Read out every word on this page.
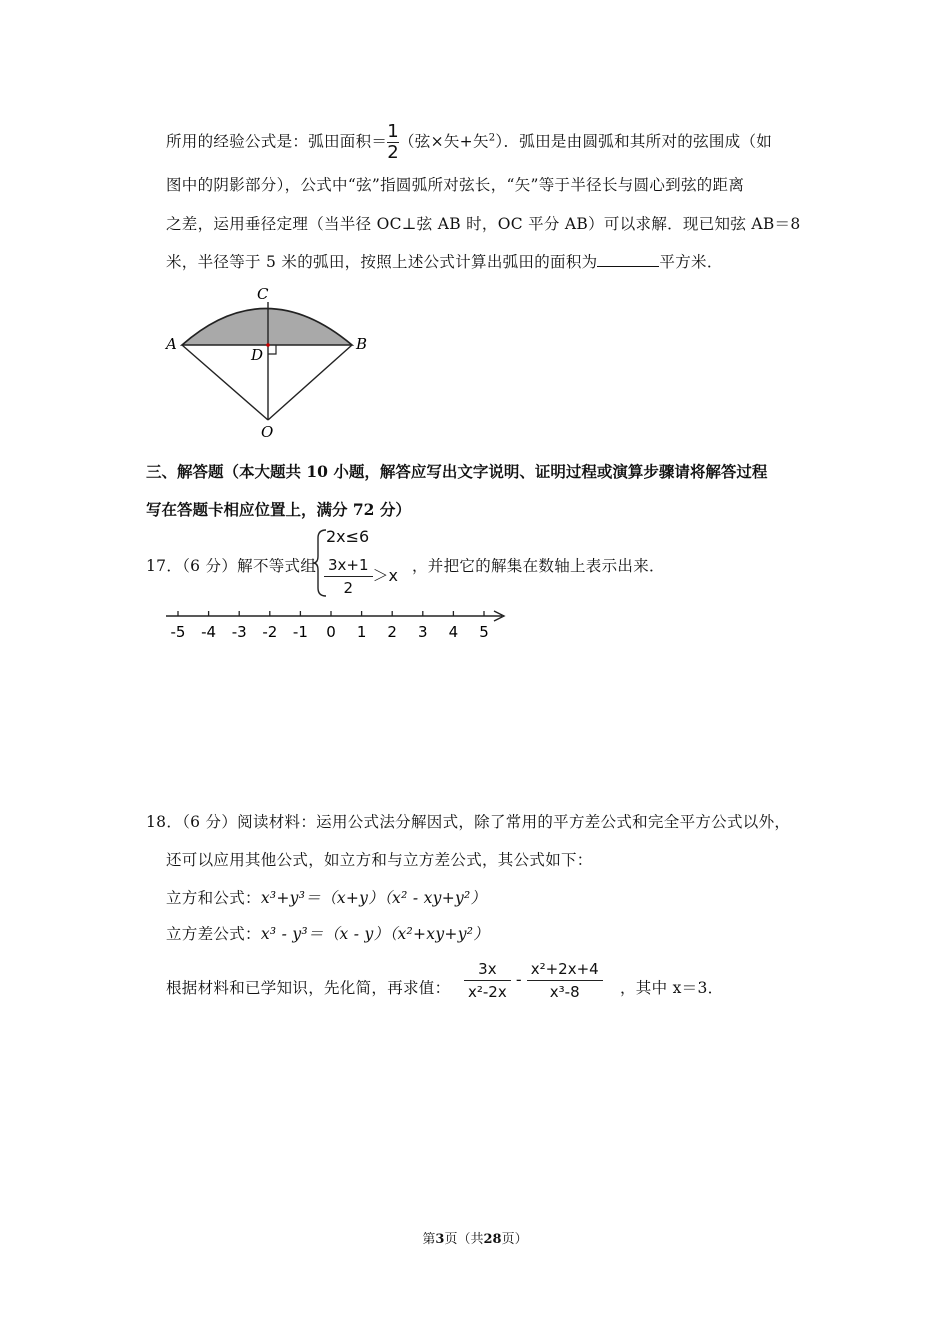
所用的经验公式是：弧田面积＝ $\frac{1}{2}$ （弦×矢+矢$^2$）．弧田是由圆弧和其所对的弦围成（如
图中的阴影部分），公式中“弦”指圆弧所对弦长，“矢”等于半径长与圆心到弦的距离
之差，运用垂径定理（当半径 OC⊥弦 AB 时，OC 平分 AB）可以求解．现已知弦 AB＝8
米，半径等于 5 米的弧田，按照上述公式计算出弧田的面积为	平方米．
A	B
C
D
O
三、解答题（本大题共 10 小题，解答应写出文字说明、证明过程或演算步骤请将解答过程
写在答题卡相应位置上，满分 72 分）
17．（6 分）解不等式组
2x≤6
$\frac{3x+1}{2} >x$ ，并把它的解集在数轴上表示出来．
-5 -4 -3 -2 -1 0 1 2 3 4 5
18．（6 分）阅读材料：运用公式法分解因式，除了常用的平方差公式和完全平方公式以外，
还可以应用其他公式，如立方和与立方差公式，其公式如下：
立方和公式：x³+y³＝（x+y）（x² - xy+y²）
立方差公式：x³ - y³＝（x - y）（x²+xy+y²）
根据材料和已学知识，先化简，再求值： $\frac{3x}{\text{x²-2x}} - \frac{\text{x²+2x+4}}{\text{x³-8}}$ ，其中 x＝3．
第3页（共28页）
